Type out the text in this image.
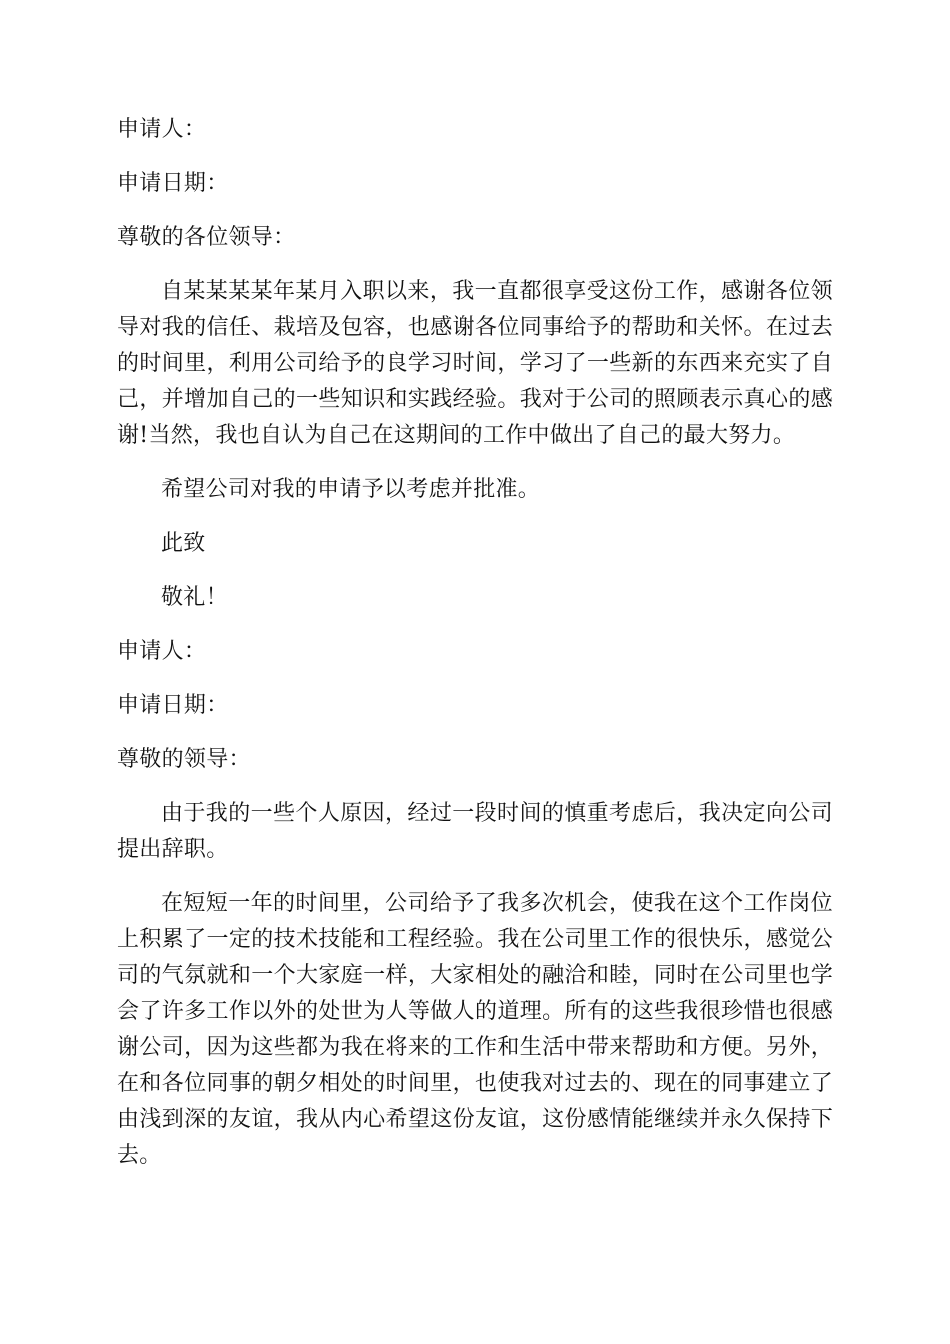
申请人：

申请日期：

尊敬的各位领导：

自某某某某年某月入职以来，我一直都很享受这份工作，感谢各位领导对我的信任、栽培及包容，也感谢各位同事给予的帮助和关怀。在过去的时间里，利用公司给予的良学习时间，学习了一些新的东西来充实了自己，并增加自己的一些知识和实践经验。我对于公司的照顾表示真心的感谢!当然，我也自认为自己在这期间的工作中做出了自己的最大努力。

希望公司对我的申请予以考虑并批准。

此致

敬礼！

申请人：

申请日期：

尊敬的领导：

由于我的一些个人原因，经过一段时间的慎重考虑后，我决定向公司提出辞职。

在短短一年的时间里，公司给予了我多次机会，使我在这个工作岗位上积累了一定的技术技能和工程经验。我在公司里工作的很快乐，感觉公司的气氛就和一个大家庭一样，大家相处的融洽和睦，同时在公司里也学会了许多工作以外的处世为人等做人的道理。所有的这些我很珍惜也很感谢公司，因为这些都为我在将来的工作和生活中带来帮助和方便。另外，在和各位同事的朝夕相处的时间里，也使我对过去的、现在的同事建立了由浅到深的友谊，我从内心希望这份友谊，这份感情能继续并永久保持下去。
